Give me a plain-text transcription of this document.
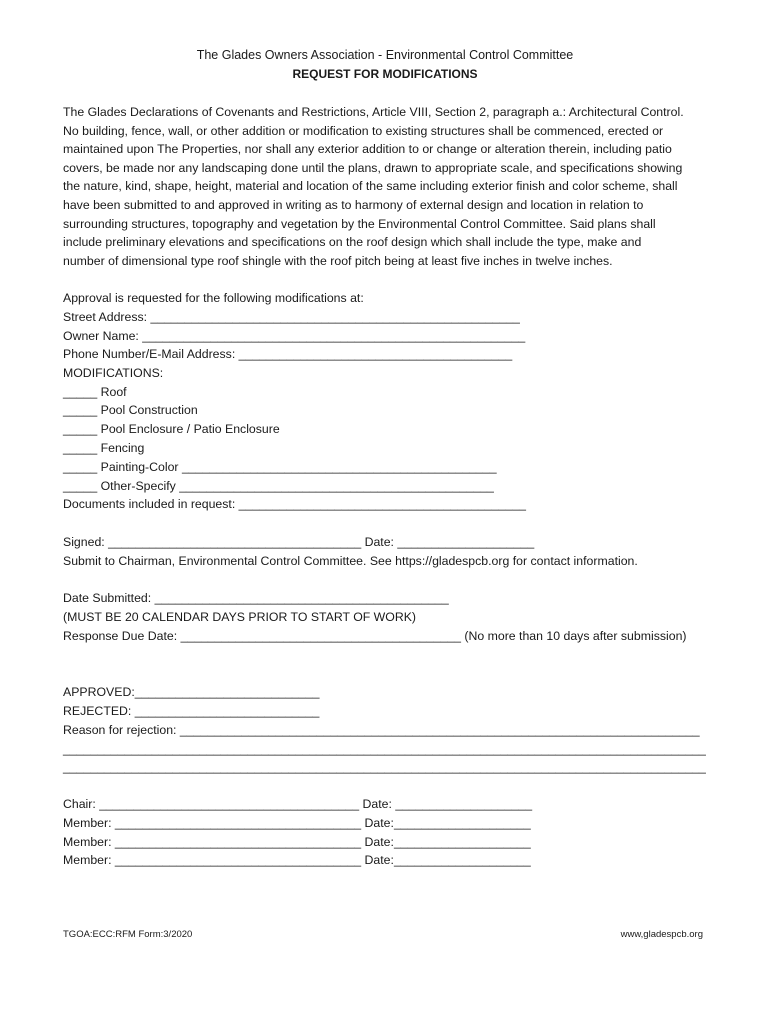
The Glades Owners Association - Environmental Control Committee
REQUEST FOR MODIFICATIONS
The Glades Declarations of Covenants and Restrictions, Article VIII, Section 2, paragraph a.: Architectural Control.
No building, fence, wall, or other addition or modification to existing structures shall be commenced, erected or
maintained upon The Properties, nor shall any exterior addition to or change or alteration therein, including patio
covers, be made nor any landscaping done until the plans, drawn to appropriate scale, and specifications showing
the nature, kind, shape, height, material and location of the same including exterior finish and color scheme, shall
have been submitted to and approved in writing as to harmony of external design and location in relation to
surrounding structures, topography and vegetation by the Environmental Control Committee. Said plans shall
include preliminary elevations and specifications on the roof design which shall include the type, make and
number of dimensional type roof shingle with the roof pitch being at least five inches in twelve inches.
Approval is requested for the following modifications at:
Street Address: ______________________________________________________
Owner Name: ________________________________________________________
Phone Number/E-Mail Address: ________________________________________
MODIFICATIONS:
_____ Roof
_____ Pool Construction
_____ Pool Enclosure / Patio Enclosure
_____ Fencing
_____ Painting-Color ______________________________________________
_____ Other-Specify ______________________________________________
Documents included in request: __________________________________________
Signed: _____________________________________ Date: ____________________
Submit to Chairman, Environmental Control Committee. See https://gladespcb.org for contact information.
Date Submitted: ___________________________________________
(MUST BE 20 CALENDAR DAYS PRIOR TO START OF WORK)
Response Due Date: _________________________________________ (No more than 10 days after submission)
APPROVED:___________________________
REJECTED: ___________________________
Reason for rejection: ____________________________________________________________________________
______________________________________________________________________________________________
______________________________________________________________________________________________
Chair: ______________________________________ Date: ____________________
Member: ____________________________________ Date:____________________
Member: ____________________________________ Date:____________________
Member: ____________________________________ Date:____________________
TGOA:ECC:RFM Form:3/2020	www,gladespcb.org
